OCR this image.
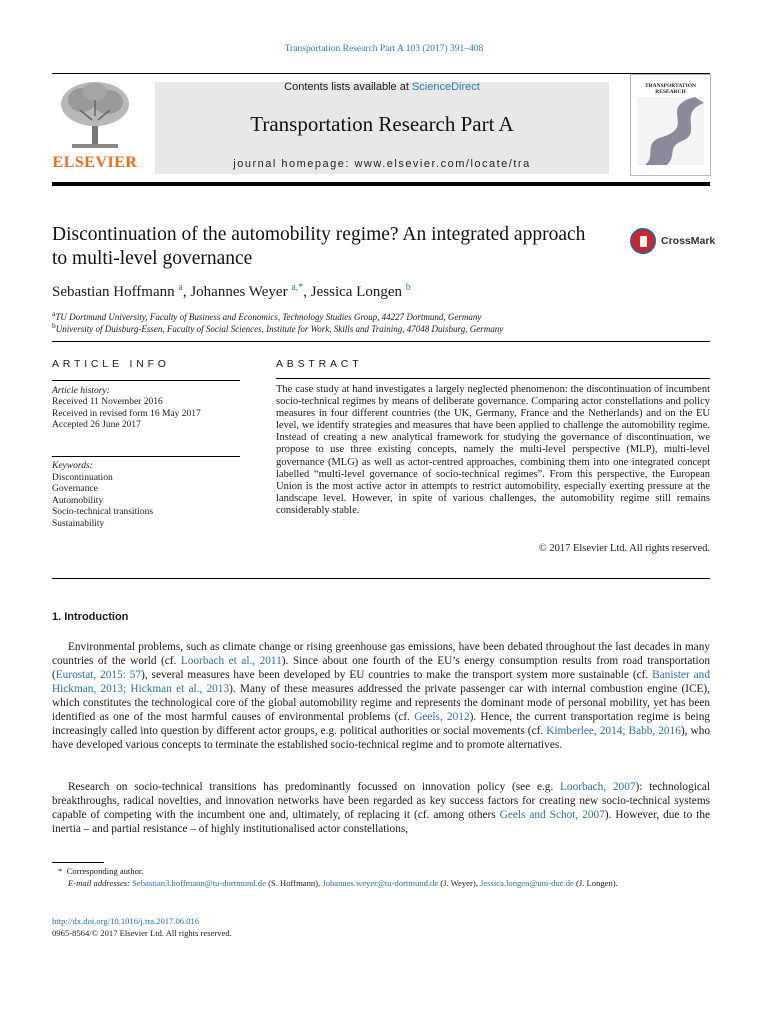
Transportation Research Part A 103 (2017) 391–408
ELSEVIER
Contents lists available at ScienceDirect
Transportation Research Part A
journal homepage: www.elsevier.com/locate/tra
TRANSPORTATION RESEARCH
Discontinuation of the automobility regime? An integrated approach to multi-level governance
CrossMark
Sebastian Hoffmann $^a$, Johannes Weyer $^{a,*}$, Jessica Longen $^b$
$^a$TU Dortmund University, Faculty of Business and Economics, Technology Studies Group, 44227 Dortmund, Germany
$^b$University of Duisburg-Essen, Faculty of Social Sciences, Institute for Work, Skills and Training, 47048 Duisburg, Germany
ARTICLE INFO
Article history:
Received 11 November 2016
Received in revised form 16 May 2017
Accepted 26 June 2017
Keywords:
Discontinuation
Governance
Automobility
Socio-technical transitions
Sustainability
ABSTRACT
The case study at hand investigates a largely neglected phenomenon: the discontinuation of incumbent socio-technical regimes by means of deliberate governance. Comparing actor constellations and policy measures in four different countries (the UK, Germany, France and the Netherlands) and on the EU level, we identify strategies and measures that have been applied to challenge the automobility regime. Instead of creating a new analytical framework for studying the governance of discontinuation, we propose to use three existing concepts, namely the multi-level perspective (MLP), multi-level governance (MLG) as well as actor-centred approaches, combining them into one integrated concept labelled “multi-level governance of socio-technical regimes”. From this perspective, the European Union is the most active actor in attempts to restrict automobility, especially exerting pressure at the landscape level. However, in spite of various challenges, the automobility regime still remains considerably stable.
© 2017 Elsevier Ltd. All rights reserved.
1. Introduction
Environmental problems, such as climate change or rising greenhouse gas emissions, have been debated throughout the last decades in many countries of the world (cf. Loorbach et al., 2011). Since about one fourth of the EU’s energy consumption results from road transportation (Eurostat, 2015: 57), several measures have been developed by EU countries to make the transport system more sustainable (cf. Banister and Hickman, 2013; Hickman et al., 2013). Many of these measures addressed the private passenger car with internal combustion engine (ICE), which constitutes the technological core of the global automobility regime and represents the dominant mode of personal mobility, yet has been identified as one of the most harmful causes of environmental problems (cf. Geels, 2012). Hence, the current transportation regime is being increasingly called into question by different actor groups, e.g. political authorities or social movements (cf. Kimberlee, 2014; Babb, 2016), who have developed various concepts to terminate the established socio-technical regime and to promote alternatives.
Research on socio-technical transitions has predominantly focussed on innovation policy (see e.g. Loorbach, 2007): technological breakthroughs, radical novelties, and innovation networks have been regarded as key success factors for creating new socio-technical systems capable of competing with the incumbent one and, ultimately, of replacing it (cf. among others Geels and Schot, 2007). However, due to the inertia – and partial resistance – of highly institutionalised actor constellations,
* Corresponding author.
E-mail addresses: Sebastian3.hoffmann@tu-dortmund.de (S. Hoffmann), Johannes.weyer@tu-dortmund.de (J. Weyer), Jessica.longen@uni-due.de (J. Longen).
http://dx.doi.org/10.1016/j.tra.2017.06.016
0965-8564/© 2017 Elsevier Ltd. All rights reserved.
